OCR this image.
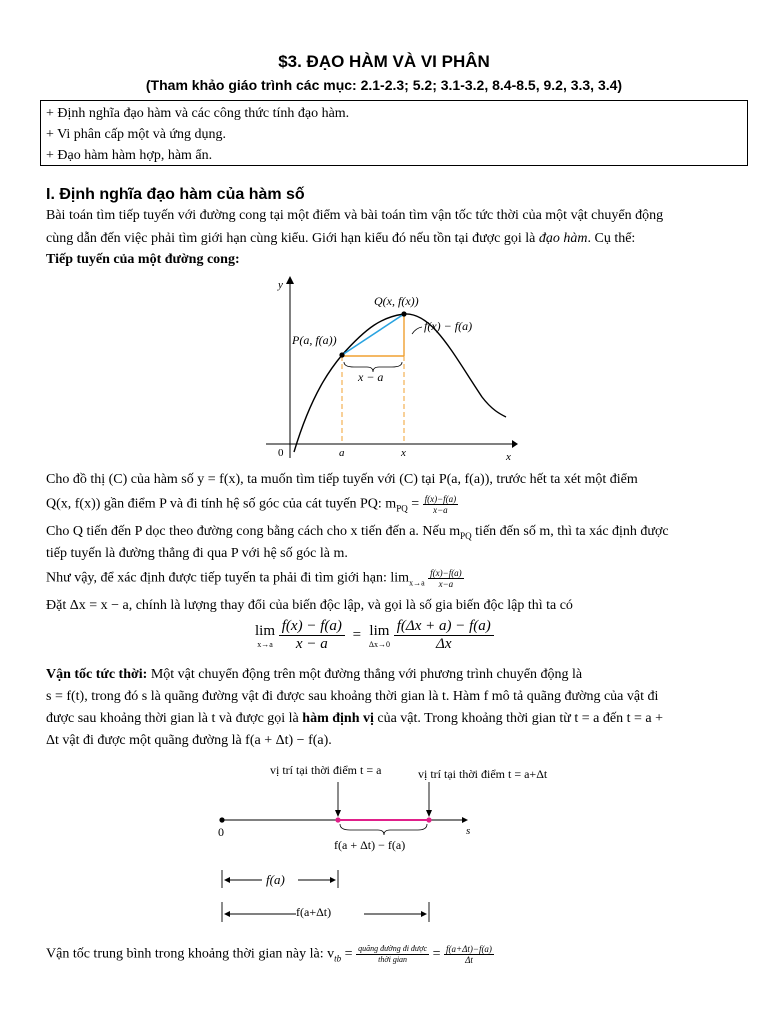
$3. ĐẠO HÀM VÀ VI PHÂN
(Tham khảo giáo trình các mục: 2.1-2.3; 5.2; 3.1-3.2, 8.4-8.5, 9.2, 3.3, 3.4)
+ Định nghĩa đạo hàm và các công thức tính đạo hàm.
+ Vi phân cấp một và ứng dụng.
+ Đạo hàm hàm hợp, hàm ẩn.
I. Định nghĩa đạo hàm của hàm số
Bài toán tìm tiếp tuyến với đường cong tại một điểm và bài toán tìm vận tốc tức thời của một vật chuyển động
cùng dẫn đến việc phải tìm giới hạn cùng kiểu. Giới hạn kiểu đó nếu tồn tại được gọi là đạo hàm. Cụ thể:
Tiếp tuyến của một đường cong:
y
x
0
x − a
Q(x, f(x))
P(a, f(a))
f(x) − f(a)
a	x
Cho đồ thị (C) của hàm số y = f(x), ta muốn tìm tiếp tuyến với (C) tại P(a, f(a)), trước hết ta xét một điểm
Q(x, f(x)) gần điểm P và đi tính hệ số góc của cát tuyến PQ: $m_{PQ} = \frac{f(x)-f(a)}{x-a}$
Cho Q tiến đến P dọc theo đường cong bằng cách cho x tiến đến a. Nếu $m_{PQ}$ tiến đến số m, thì ta xác định được
tiếp tuyến là đường thẳng đi qua P với hệ số góc là m.
Như vậy, để xác định được tiếp tuyến ta phải đi tìm giới hạn: $\lim_{x\to a} \frac{f(x)-f(a)}{x-a}$
Đặt Δx = x − a, chính là lượng thay đổi của biến độc lập, và gọi là số gia biến độc lập thì ta có
lim
x→a
$\frac{f(x) - f(a)}{x - a} = \lim$
Δx→0
$\frac{f(\Delta x + a) - f(a)}{\Delta x}$
Vận tốc tức thời: Một vật chuyển động trên một đường thẳng với phương trình chuyển động là
s = f(t), trong đó s là quãng đường vật đi được sau khoảng thời gian là t. Hàm f mô tả quãng đường của vật đi
được sau khoảng thời gian là t và được gọi là hàm định vị của vật. Trong khoảng thời gian từ t = a đến t = a +
Δt vật đi được một quãng đường là f(a + Δt) − f(a).
vị trí tại thời điểm t = a	vị trí tại thời điểm t = a+Δt
0	s
f(a + Δt) − f(a)
f(a)
f(a+Δt)
Vận tốc trung bình trong khoảng thời gian này là: $v_{tb} = \frac{\text{quãng đường đi được}}{\text{thời gian}} = \frac{f(a+\Delta t)-f(a)}{\Delta t}$
